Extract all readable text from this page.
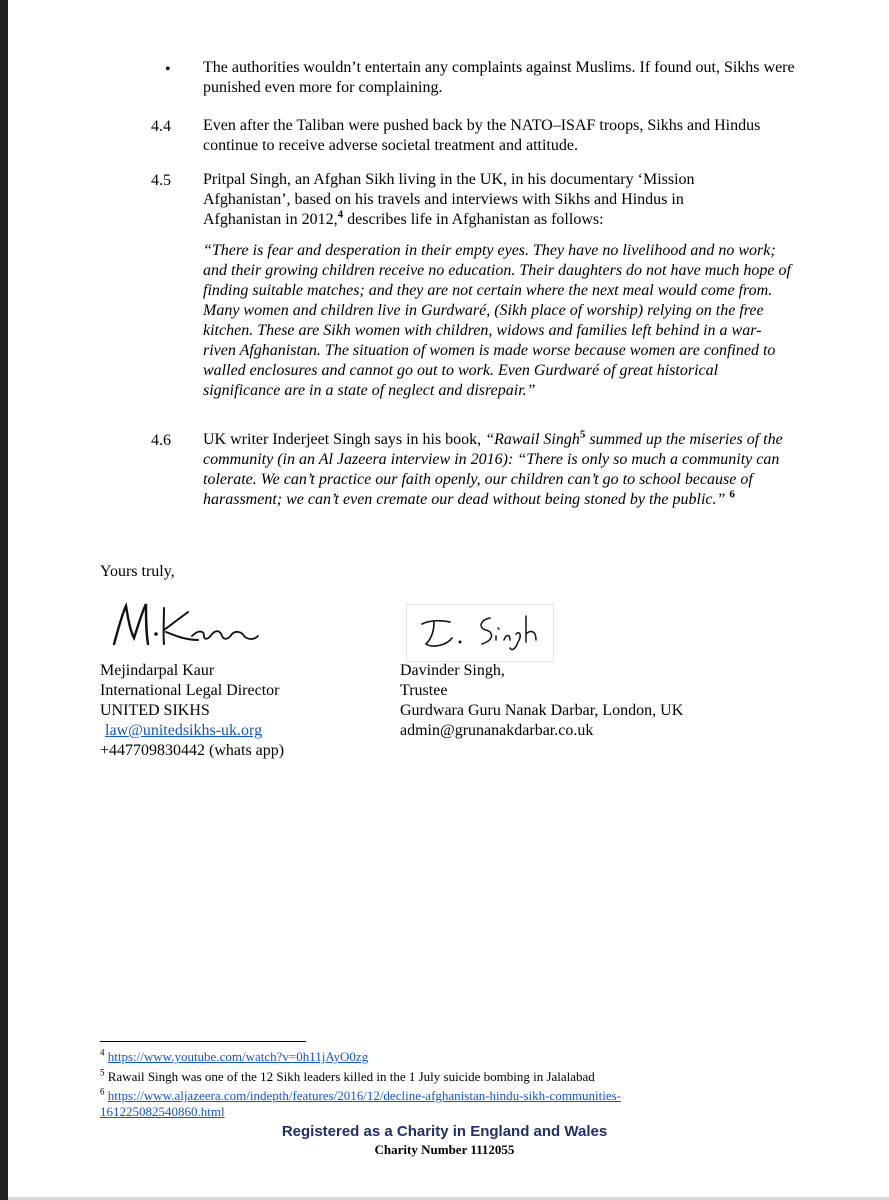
• The authorities wouldn’t entertain any complaints against Muslims. If found out, Sikhs were punished even more for complaining.
4.4 Even after the Taliban were pushed back by the NATO–ISAF troops, Sikhs and Hindus continue to receive adverse societal treatment and attitude.
4.5 Pritpal Singh, an Afghan Sikh living in the UK, in his documentary ‘Mission Afghanistan’, based on his travels and interviews with Sikhs and Hindus in Afghanistan in 2012,$^4$ describes life in Afghanistan as follows:
“There is fear and desperation in their empty eyes. They have no livelihood and no work; and their growing children receive no education. Their daughters do not have much hope of finding suitable matches; and they are not certain where the next meal would come from. Many women and children live in Gurdwaré, (Sikh place of worship) relying on the free kitchen. These are Sikh women with children, widows and families left behind in a war-riven Afghanistan. The situation of women is made worse because women are confined to walled enclosures and cannot go out to work. Even Gurdwaré of great historical significance are in a state of neglect and disrepair.”
4.6 UK writer Inderjeet Singh says in his book, “Rawail Singh$^5$ summed up the miseries of the community (in an Al Jazeera interview in 2016): “There is only so much a community can tolerate. We can’t practice our faith openly, our children can’t go to school because of harassment; we can’t even cremate our dead without being stoned by the public.” $^6$
Yours truly,
Mejindarpal Kaur
International Legal Director
UNITED SIKHS
law@unitedsikhs-uk.org
+447709830442 (whats app)
Davinder Singh,
Trustee
Gurdwara Guru Nanak Darbar, London, UK
admin@grunanakdarbar.co.uk
$^4$ https://www.youtube.com/watch?v=0h11jAyO0zg
$^5$ Rawail Singh was one of the 12 Sikh leaders killed in the 1 July suicide bombing in Jalalabad
$^6$ https://www.aljazeera.com/indepth/features/2016/12/decline-afghanistan-hindu-sikh-communities-
161225082540860.html
Registered as a Charity in England and Wales
Charity Number 1112055
